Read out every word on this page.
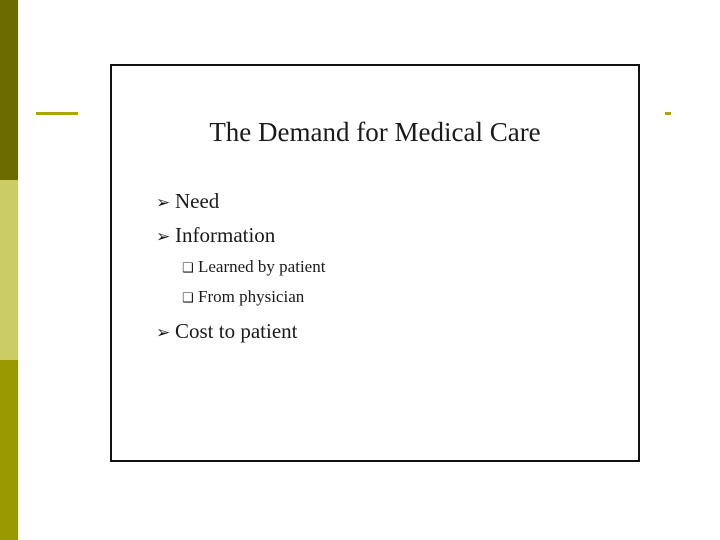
The Demand for Medical Care
➢ Need
➢ Information
❑ Learned by patient
❑ From physician
➢ Cost to patient
